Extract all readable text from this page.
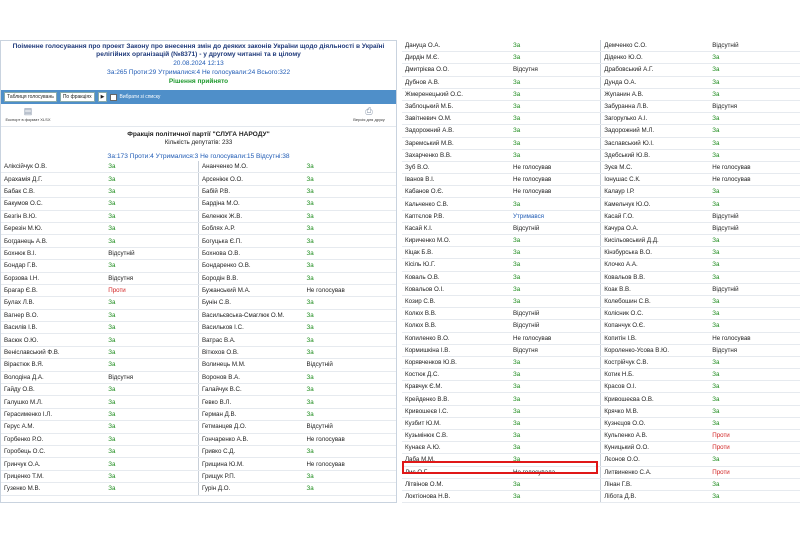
Поіменне голосування про проект Закону про внесення змін до деяких законів України щодо діяльності в Україні релігійних організацій (№8371) - у другому читанні та в цілому
20.08.2024 12:13
За:265 Проти:29 Утрималися:4 Не голосували:24 Всього:322
Рішення прийнято
Таблиця голосувань	По фракціях	▶	Вибрати зі списку
▤
Експорт в формат XLSX
⎙
Версія для друку
Фракція політичної партії "СЛУГА НАРОДУ"
Кількість депутатів: 233
За:173 Проти:4 Утрималися:3 Не голосували:15 Відсутні:38
Аліксійчук О.В.	За	Ананченко М.О.	За
Арахамія Д.Г.	За	Арсеніюк О.О.	За
Бабак С.В.	За	Бабій Р.В.	За
Бакумов О.С.	За	Бардіна М.О.	За
Безгін В.Ю.	За	Беленюк Ж.В.	За
Березін М.Ю.	За	Боблях А.Р.	За
Богданець А.В.	За	Богуцька Є.П.	За
Бохнюк В.І.	Відсутній	Бохнова О.В.	За
Бондар Г.В.	За	Бондаренко О.В.	За
Борзова І.Н.	Відсутня	Бородін В.В.	За
Брагар Є.В.	Проти	Бужанський М.А.	Не голосував
Булах Л.В.	За	Бунін С.В.	За
Вагнер В.О.	За	Васильєвська-Смаглюк О.М.	За
Василів І.В.	За	Васильков І.С.	За
Васюк О.Ю.	За	Ватрас В.А.	За
Веніславський Ф.В.	За	Вітюхов О.В.	За
Віраєтюк В.Я.	За	Волинець М.М.	Відсутній
Володіна Д.А.	Відсутня	Воронов В.А.	За
Гайду О.В.	За	Галайчук В.С.	За
Галушко М.Л.	За	Гевко В.Л.	За
Герасименко І.Л.	За	Герман Д.В.	За
Герус А.М.	За	Гетманцев Д.О.	Відсутній
Горбенко Р.О.	За	Гончаренко А.В.	Не голосував
Горобець О.С.	За	Гривко С.Д.	За
Гринчук О.А.	За	Грищина Ю.М.	Не голосував
Гриценко Т.М.	За	Грищук Р.П.	За
Гузенко М.В.	За	Гурін Д.О.	За
Дануца О.А.	За	Демченко С.О.	Відсутній
Дирдін М.Є.	За	Діденко Ю.О.	За
Дмитрієва О.О.	Відсутня	Драбовський А.Г.	За
Дубнов А.В.	За	Дунда О.А.	За
Жмеренецький О.С.	За	Жупанин А.В.	За
Заблоцький М.Б.	За	Забуранна Л.В.	Відсутня
Завітневич О.М.	За	Загорулько А.І.	За
Задорожний А.В.	За	Задорожний М.Л.	За
Заремський М.В.	За	Заславський Ю.І.	За
Захарченко В.В.	За	Здебський Ю.В.	За
Зуб В.О.	Не голосував	Зуєв М.С.	Не голосував
Іванов В.І.	Не голосував	Іонушас С.К.	Не голосував
Кабанов О.Є.	Не голосував	Калаур І.Р.	За
Кальченко С.В.	За	Камельчук Ю.О.	За
Каптєлов Р.В.	Утримався	Касай Г.О.	Відсутній
Касай К.І.	Відсутній	Качура О.А.	Відсутній
Кириченко М.О.	За	Кисільовський Д.Д.	За
Кіцак Б.В.	За	Кінзбурська В.О.	За
Кісіль Ю.Г.	За	Клочко А.А.	За
Коваль О.В.	За	Ковальов В.В.	За
Ковальов О.І.	За	Коак В.В.	Відсутній
Козир С.В.	За	Колебошин С.В.	За
Колюх В.В.	Відсутній	Колісник О.С.	За
Колюх В.В.	Відсутній	Копанчук О.Є.	За
Копиленко В.О.	Не голосував	Копитін І.В.	Не голосував
Кормишкіна І.В.	Відсутня	Короленко-Усова В.Ю.	Відсутня
Корявченков Ю.В.	За	Кострійчук С.В.	За
Костюк Д.С.	За	Котик Н.Б.	За
Кравчук Є.М.	За	Красов О.І.	За
Крейденко В.В.	За	Кривошеєва О.В.	За
Кривошеєв І.С.	За	Крячко М.В.	За
Кузбит Ю.М.	За	Кузнєцов О.О.	За
Кузьмінюк С.В.	За	Кульпенко А.В.	Проти
Кунаєв А.Ю.	За	Куницький О.О.	Проти
Лаба М.М.	За	Лєонов О.О.	За
Лис О.Г.	Не голосувала	Литвиненко С.А.	Проти
Літвінов О.М.	За	Лінан Г.В.	За
Локтіонова Н.В.	За	Лібота Д.В.	За
